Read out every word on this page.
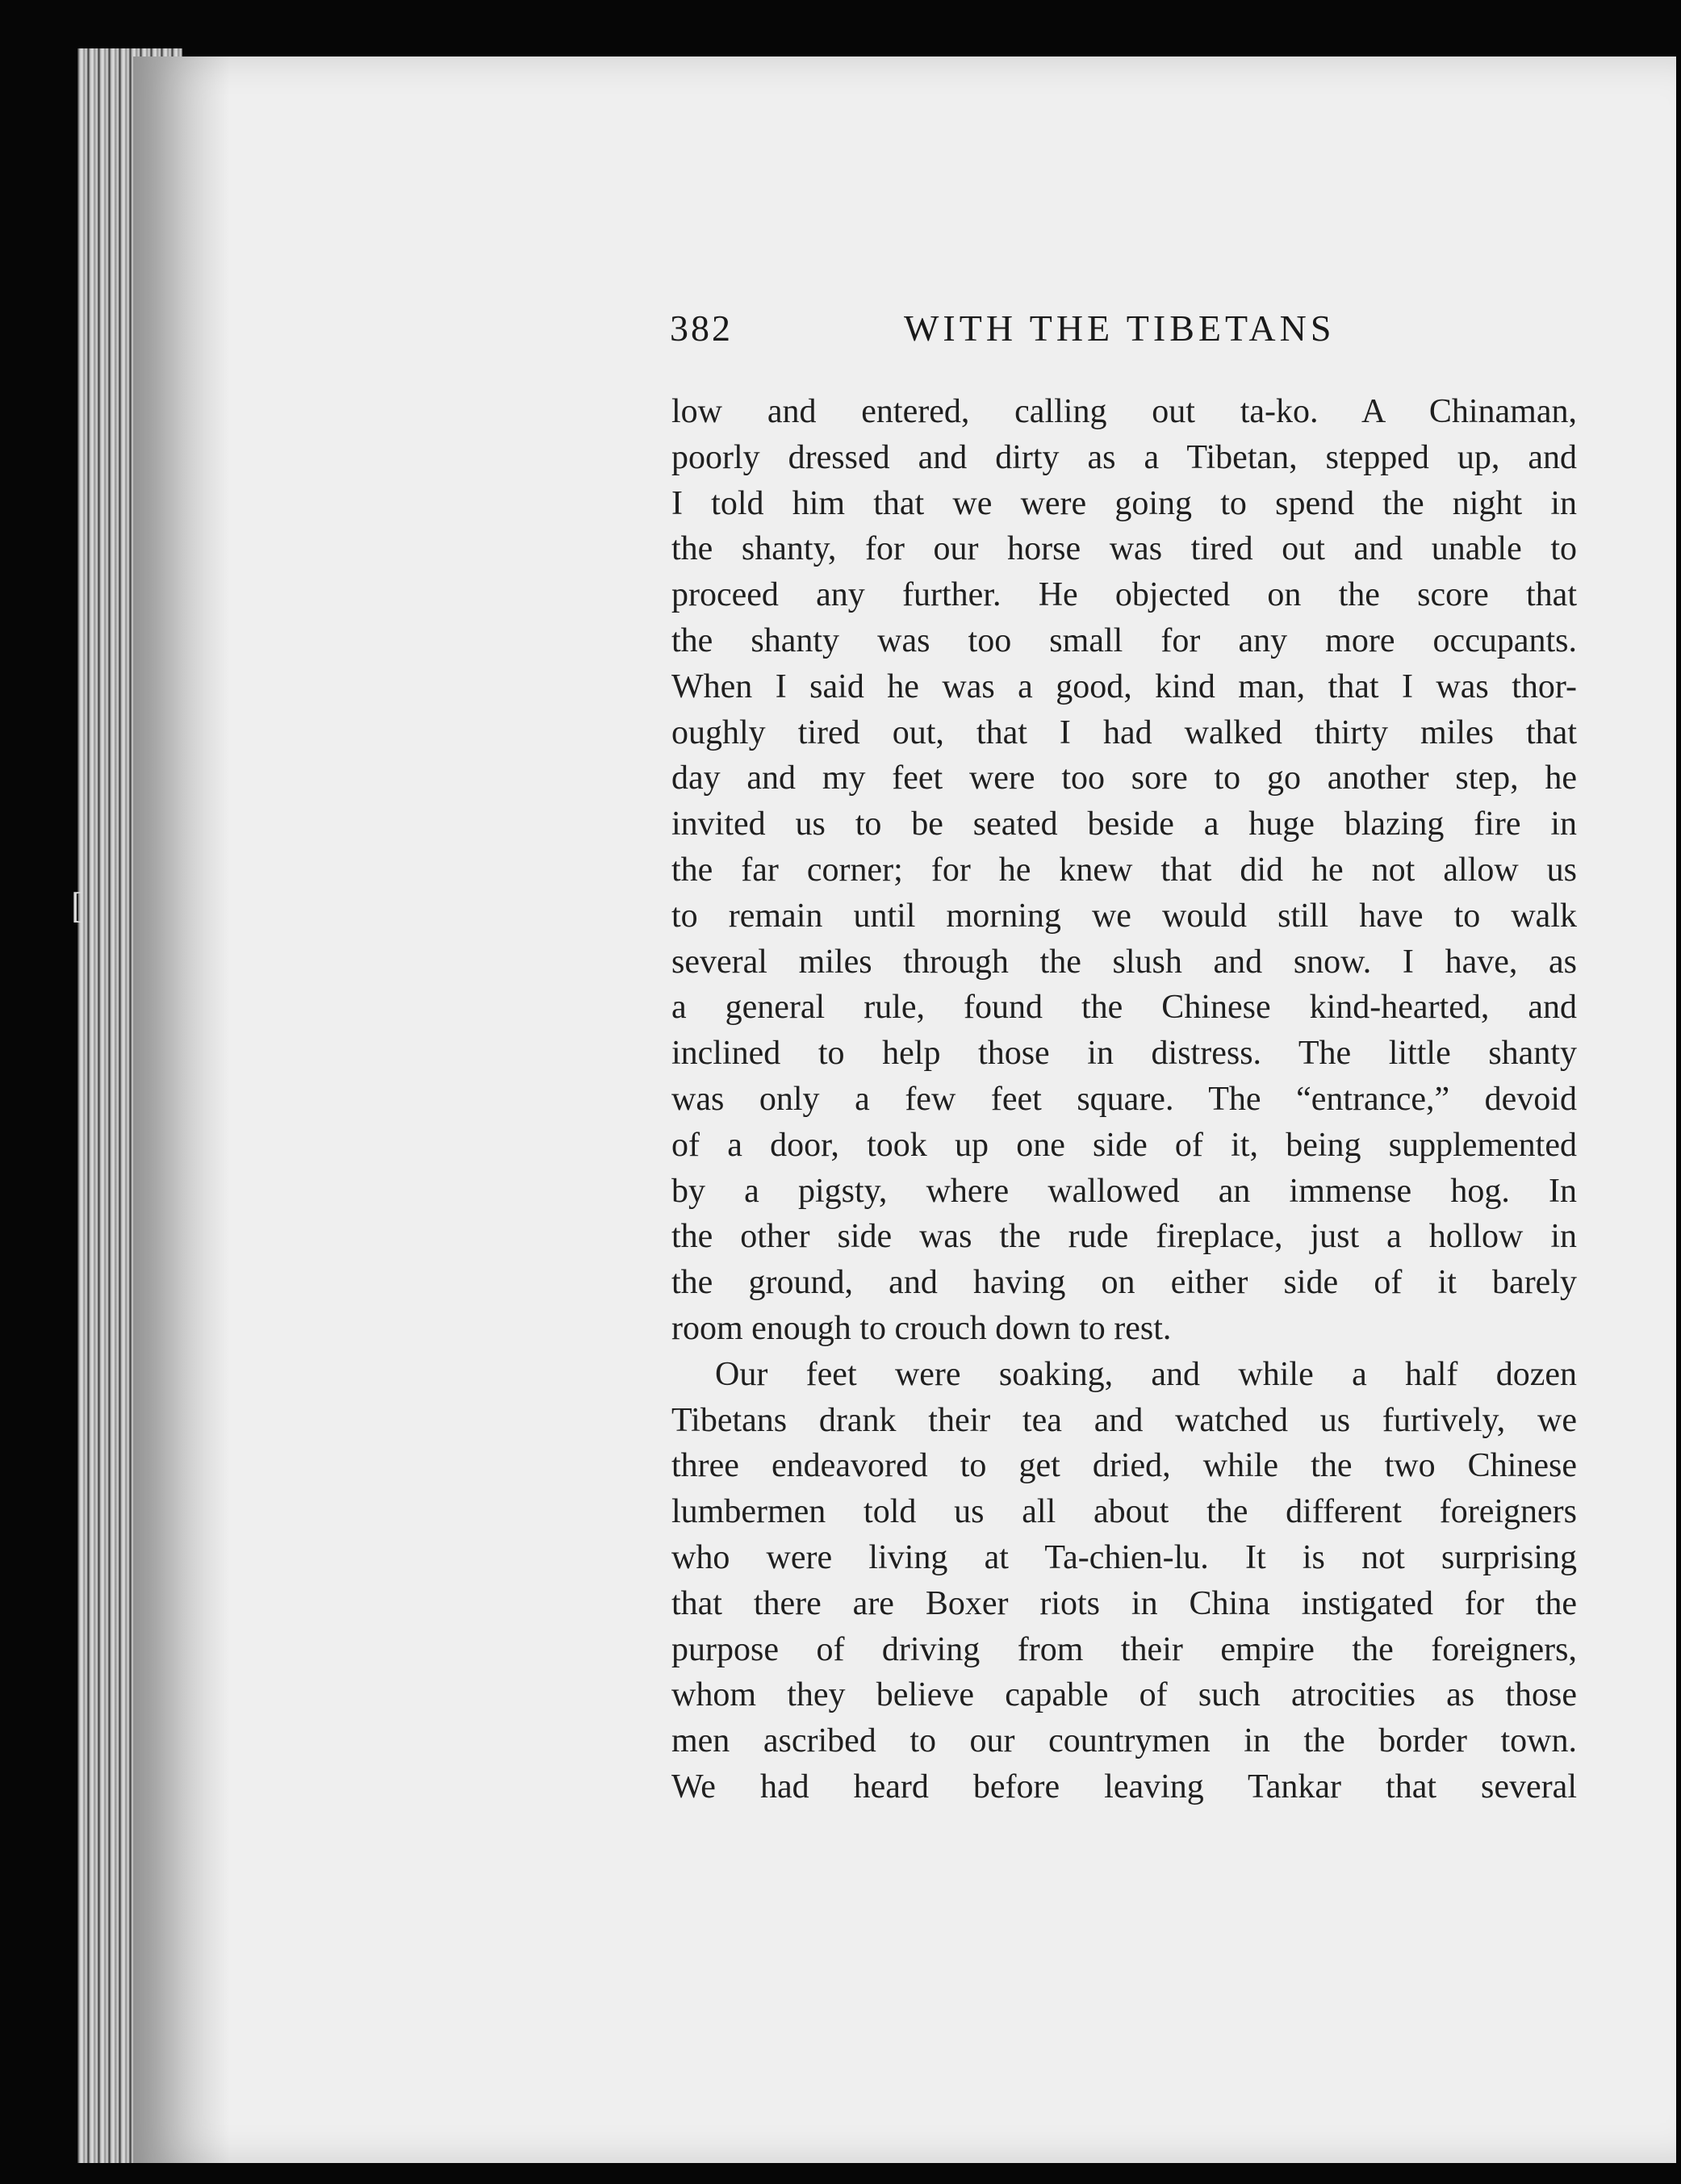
[
382	WITH THE TIBETANS
low and entered, calling out ta-ko. A Chinaman,
poorly dressed and dirty as a Tibetan, stepped up, and
I told him that we were going to spend the night in
the shanty, for our horse was tired out and unable to
proceed any further. He objected on the score that
the shanty was too small for any more occupants.
When I said he was a good, kind man, that I was thor-
oughly tired out, that I had walked thirty miles that
day and my feet were too sore to go another step, he
invited us to be seated beside a huge blazing fire in
the far corner; for he knew that did he not allow us
to remain until morning we would still have to walk
several miles through the slush and snow. I have, as
a general rule, found the Chinese kind-hearted, and
inclined to help those in distress. The little shanty
was only a few feet square. The “entrance,” devoid
of a door, took up one side of it, being supplemented
by a pigsty, where wallowed an immense hog. In
the other side was the rude fireplace, just a hollow in
the ground, and having on either side of it barely
room enough to crouch down to rest.
Our feet were soaking, and while a half dozen
Tibetans drank their tea and watched us furtively, we
three endeavored to get dried, while the two Chinese
lumbermen told us all about the different foreigners
who were living at Ta-chien-lu. It is not surprising
that there are Boxer riots in China instigated for the
purpose of driving from their empire the foreigners,
whom they believe capable of such atrocities as those
men ascribed to our countrymen in the border town.
We had heard before leaving Tankar that several
